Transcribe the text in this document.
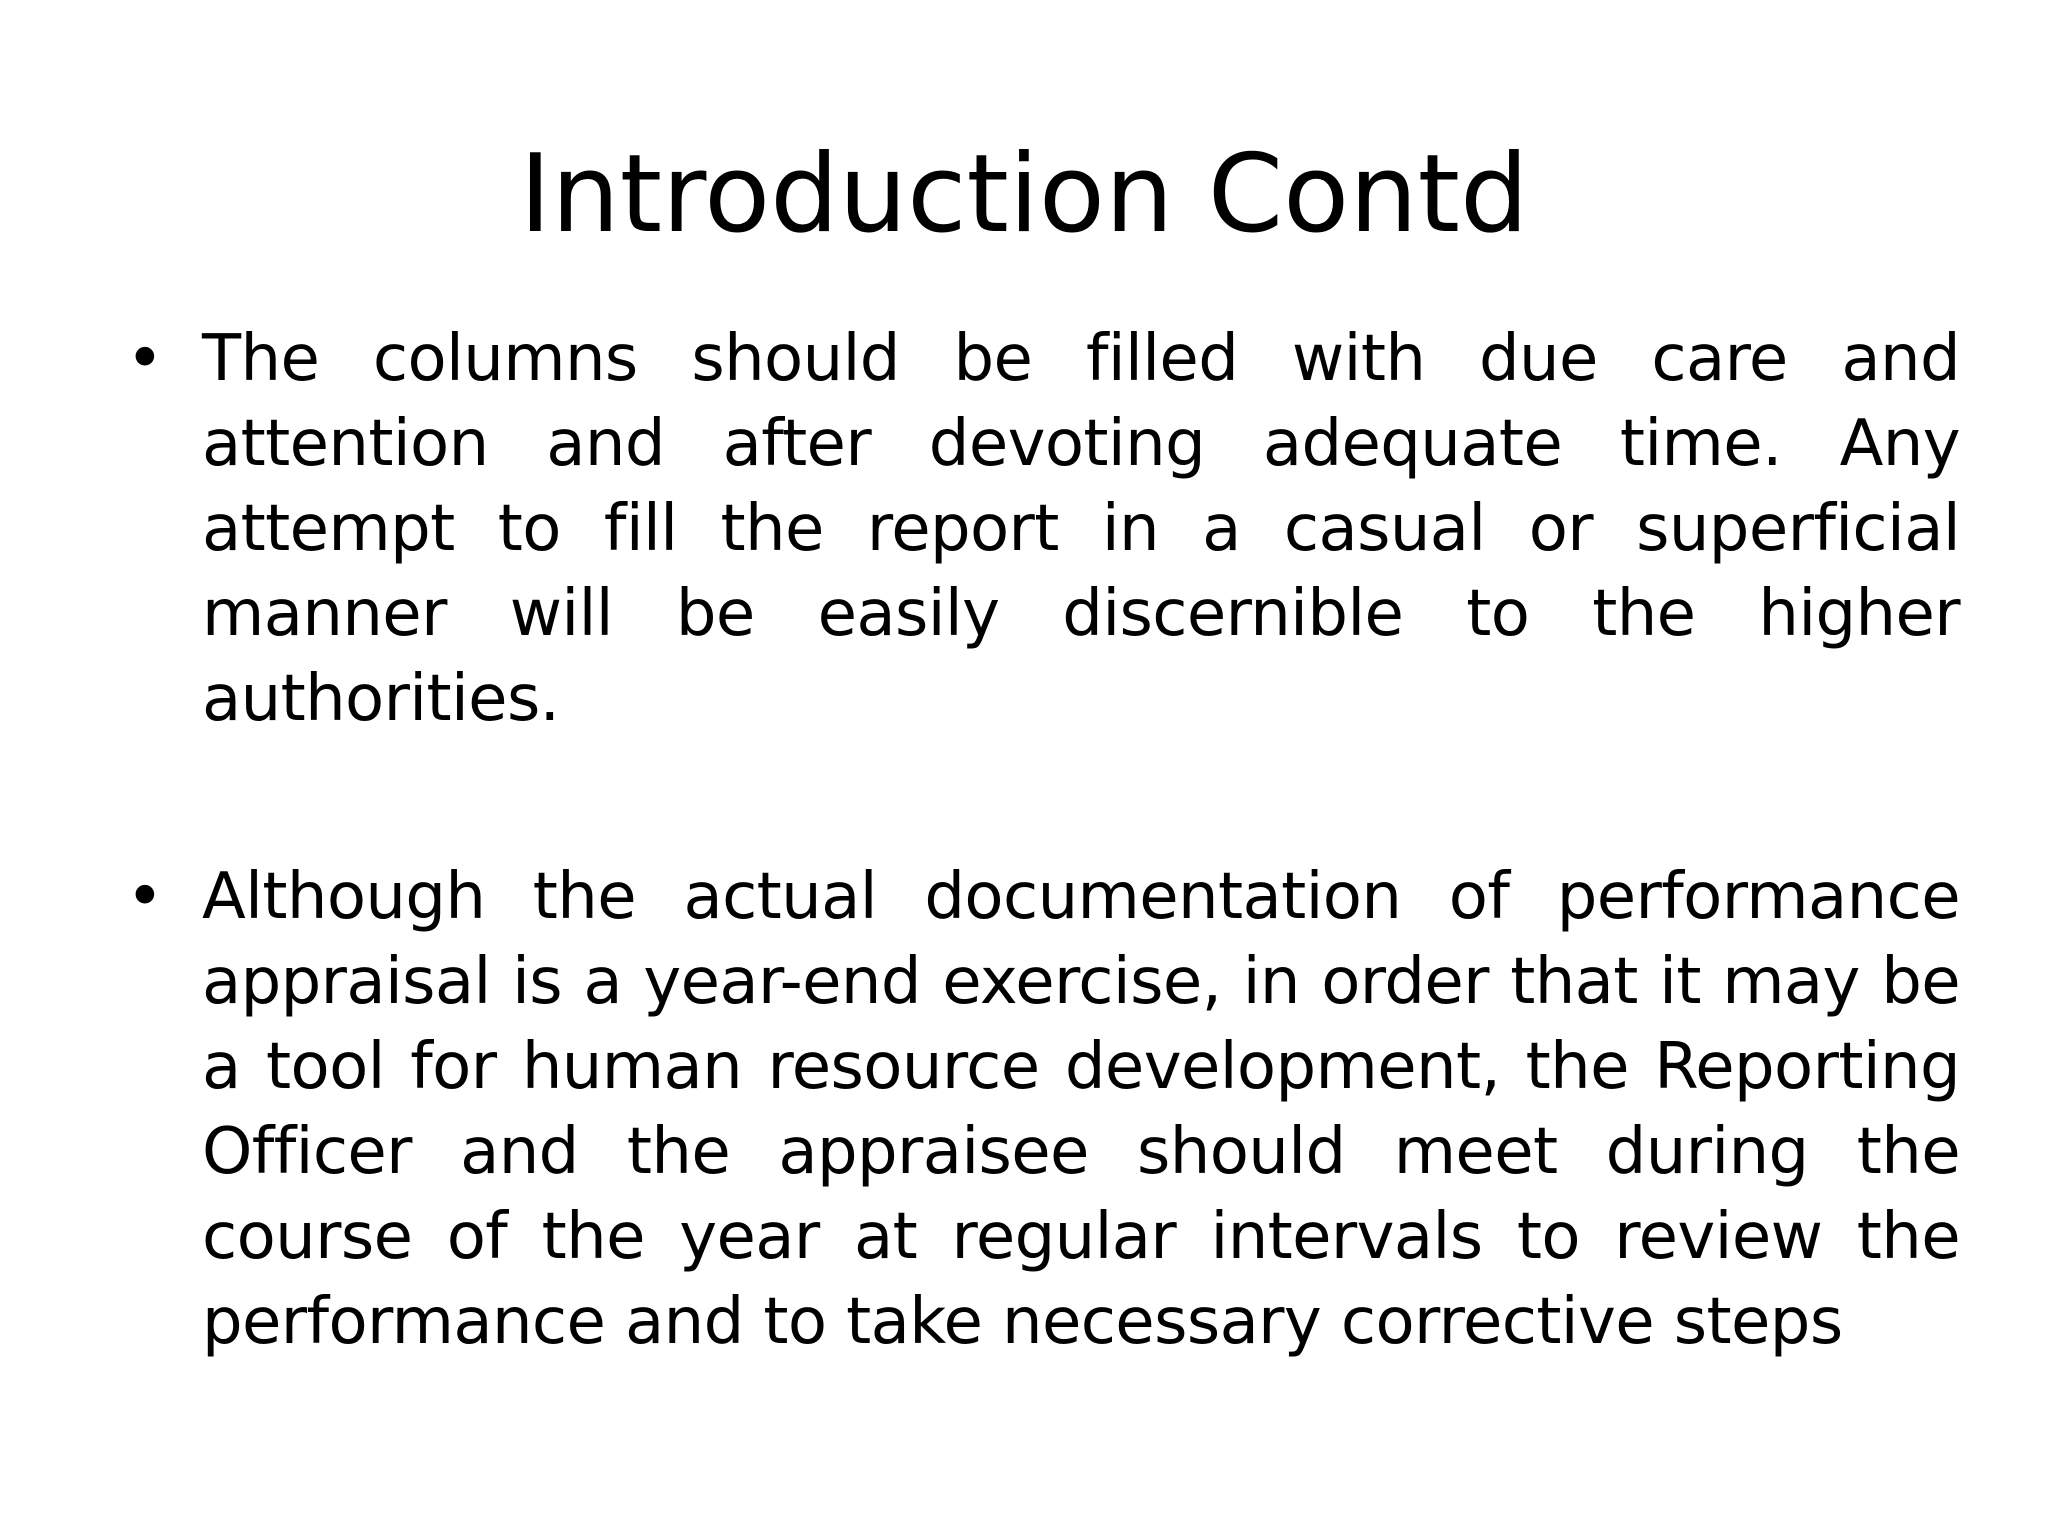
Introduction Contd
• The columns should be filled with due care and attention and after devoting adequate time. Any attempt to fill the report in a casual or superficial manner will be easily discernible to the higher authorities.

• Although the actual documentation of performance appraisal is a year-end exercise, in order that it may be a tool for human resource development, the Reporting Officer and the appraisee should meet during the course of the year at regular intervals to review the performance and to take necessary corrective steps
